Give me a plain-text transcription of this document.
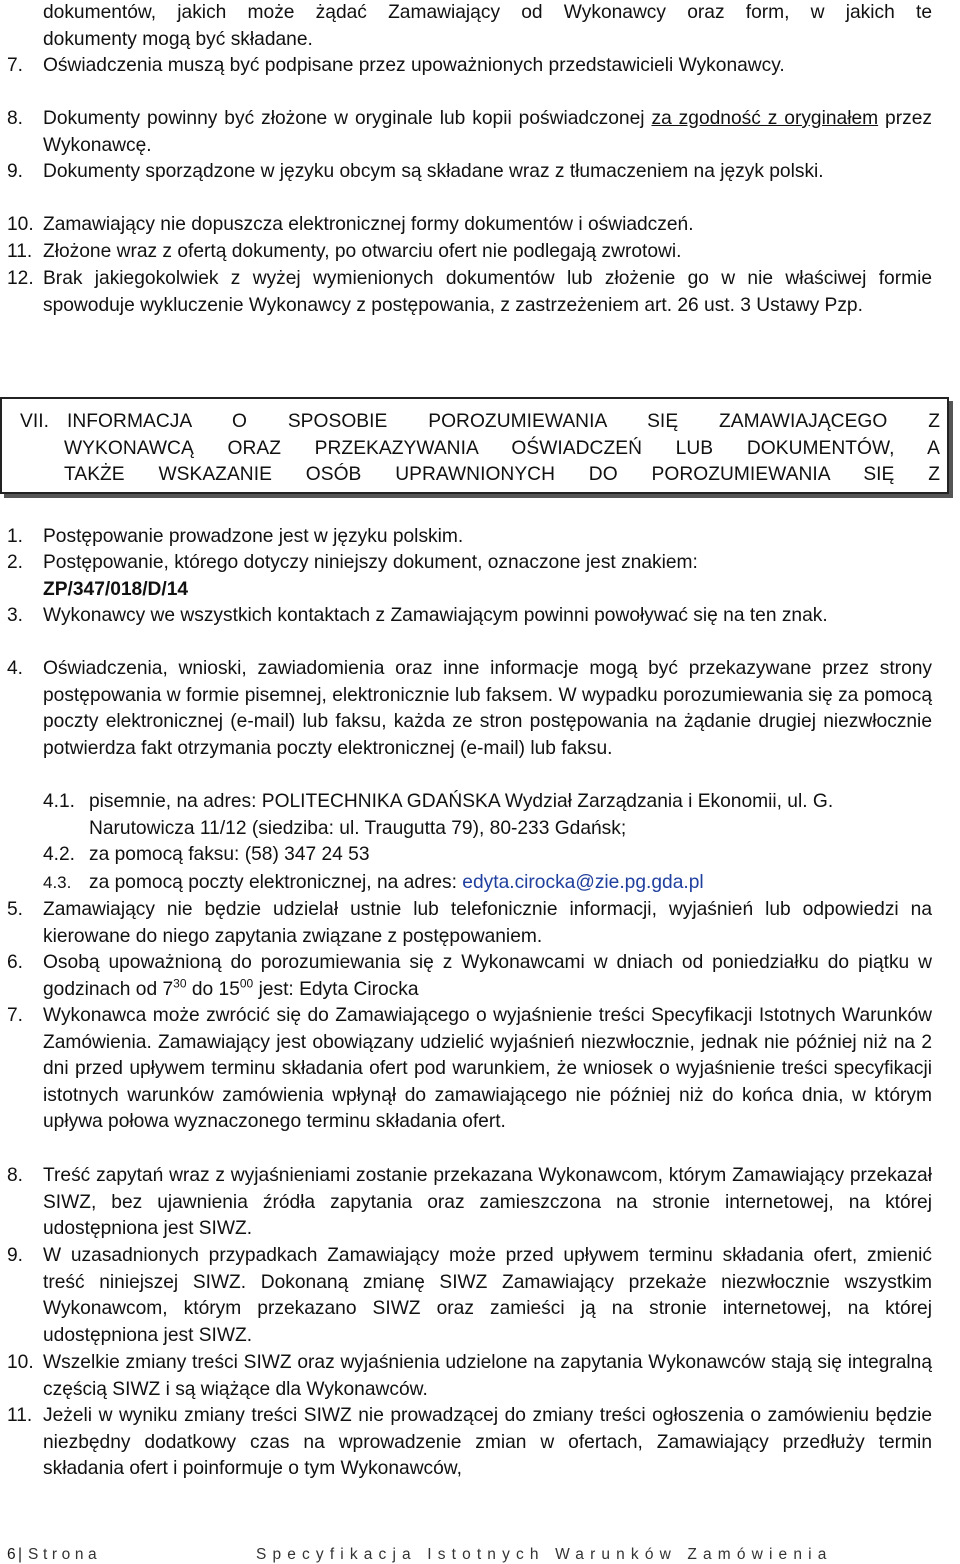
dokumentów, jakich może żądać Zamawiający od Wykonawcy oraz form, w jakich te
dokumenty mogą być składane.
7. Oświadczenia muszą być podpisane przez upoważnionych przedstawicieli Wykonawcy.
8. Dokumenty powinny być złożone w oryginale lub kopii poświadczonej za zgodność z oryginałem przez Wykonawcę.
9. Dokumenty sporządzone w języku obcym są składane wraz z tłumaczeniem na język polski.
10. Zamawiający nie dopuszcza elektronicznej formy dokumentów i oświadczeń.
11. Złożone wraz z ofertą dokumenty, po otwarciu ofert nie podlegają zwrotowi.
12. Brak jakiegokolwiek z wyżej wymienionych dokumentów lub złożenie go w nie właściwej formie spowoduje wykluczenie Wykonawcy z postępowania, z zastrzeżeniem art. 26 ust. 3 Ustawy Pzp.
VII. INFORMACJA O SPOSOBIE POROZUMIEWANIA SIĘ ZAMAWIAJĄCEGO Z
WYKONAWCĄ ORAZ PRZEKAZYWANIA OŚWIADCZEŃ LUB DOKUMENTÓW, A
TAKŻE WSKAZANIE OSÓB UPRAWNIONYCH DO POROZUMIEWANIA SIĘ Z
1. Postępowanie prowadzone jest w języku polskim.
2. Postępowanie, którego dotyczy niniejszy dokument, oznaczone jest znakiem:
ZP/347/018/D/14
3. Wykonawcy we wszystkich kontaktach z Zamawiającym powinni powoływać się na ten znak.
4. Oświadczenia, wnioski, zawiadomienia oraz inne informacje mogą być przekazywane przez strony postępowania w formie pisemnej, elektronicznie lub faksem. W wypadku porozumiewania się za pomocą poczty elektronicznej (e-mail) lub faksu, każda ze stron postępowania na żądanie drugiej niezwłocznie potwierdza fakt otrzymania poczty elektronicznej (e-mail) lub faksu.
4.1. pisemnie, na adres: POLITECHNIKA GDAŃSKA Wydział Zarządzania i Ekonomii, ul. G. Narutowicza 11/12 (siedziba: ul. Traugutta 79), 80-233 Gdańsk;
4.2. za pomocą faksu: (58) 347 24 53
4.3. za pomocą poczty elektronicznej, na adres: edyta.cirocka@zie.pg.gda.pl
5. Zamawiający nie będzie udzielał ustnie lub telefonicznie informacji, wyjaśnień lub odpowiedzi na kierowane do niego zapytania związane z postępowaniem.
6. Osobą upoważnioną do porozumiewania się z Wykonawcami w dniach od poniedziałku do piątku w godzinach od $7^{30}$ do $15^{00}$ jest: Edyta Cirocka
7. Wykonawca może zwrócić się do Zamawiającego o wyjaśnienie treści Specyfikacji Istotnych Warunków Zamówienia. Zamawiający jest obowiązany udzielić wyjaśnień niezwłocznie, jednak nie później niż na 2 dni przed upływem terminu składania ofert pod warunkiem, że wniosek o wyjaśnienie treści specyfikacji istotnych warunków zamówienia wpłynął do zamawiającego nie później niż do końca dnia, w którym upływa połowa wyznaczonego terminu składania ofert.
8. Treść zapytań wraz z wyjaśnieniami zostanie przekazana Wykonawcom, którym Zamawiający przekazał SIWZ, bez ujawnienia źródła zapytania oraz zamieszczona na stronie internetowej, na której udostępniona jest SIWZ.
9. W uzasadnionych przypadkach Zamawiający może przed upływem terminu składania ofert, zmienić treść niniejszej SIWZ. Dokonaną zmianę SIWZ Zamawiający przekaże niezwłocznie wszystkim Wykonawcom, którym przekazano SIWZ oraz zamieści ją na stronie internetowej, na której udostępniona jest SIWZ.
10. Wszelkie zmiany treści SIWZ oraz wyjaśnienia udzielone na zapytania Wykonawców stają się integralną częścią SIWZ i są wiążące dla Wykonawców.
11. Jeżeli w wyniku zmiany treści SIWZ nie prowadzącej do zmiany treści ogłoszenia o zamówieniu będzie niezbędny dodatkowy czas na wprowadzenie zmian w ofertach, Zamawiający przedłuży termin składania ofert i poinformuje o tym Wykonawców,
6 | Strona	Specyfikacja Istotnych Warunków Zamówienia
